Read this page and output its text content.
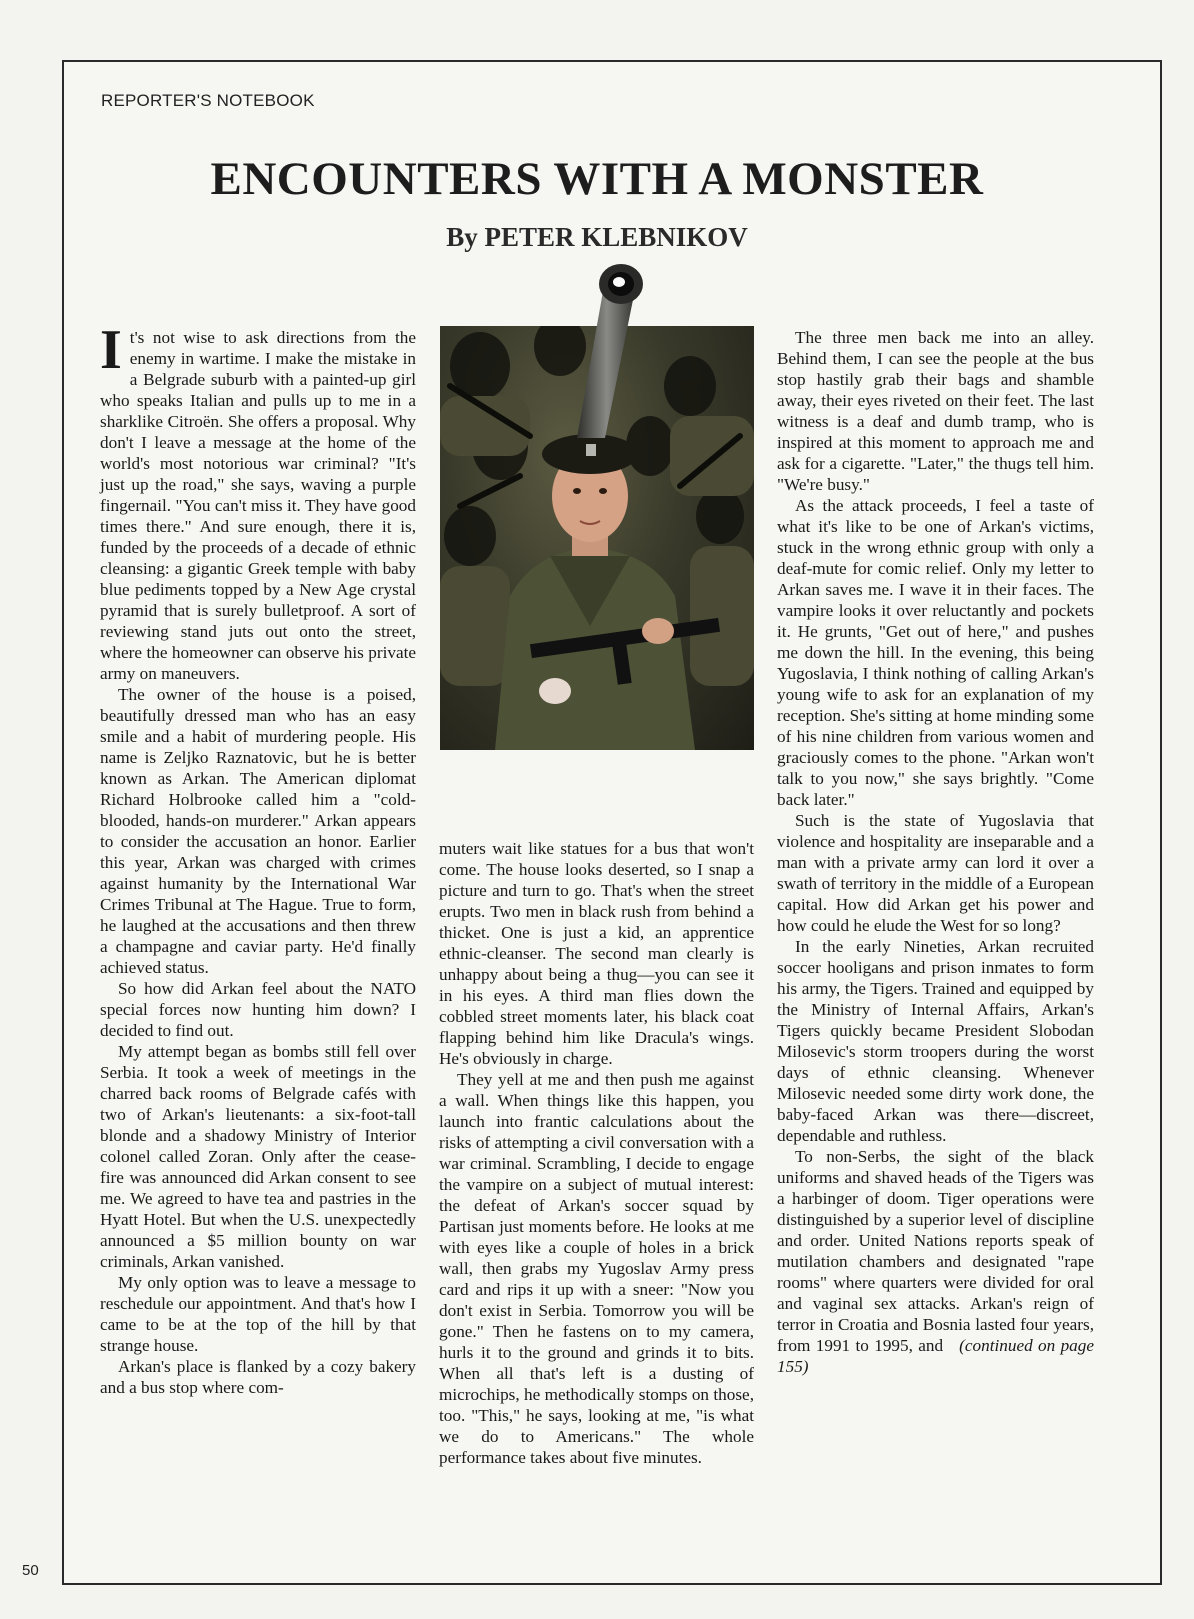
REPORTER'S NOTEBOOK
ENCOUNTERS WITH A MONSTER
By PETER KLEBNIKOV

It's not wise to ask directions from the enemy in wartime. I make the mistake in a Belgrade suburb with a painted-up girl who speaks Italian and pulls up to me in a sharklike Citroën. She offers a proposal. Why don't I leave a message at the home of the world's most notorious war criminal? "It's just up the road," she says, waving a purple fingernail. "You can't miss it. They have good times there." And sure enough, there it is, funded by the proceeds of a decade of ethnic cleansing: a gigantic Greek temple with baby blue pediments topped by a New Age crystal pyramid that is surely bulletproof. A sort of reviewing stand juts out onto the street, where the homeowner can observe his private army on maneuvers.

The owner of the house is a poised, beautifully dressed man who has an easy smile and a habit of murdering people. His name is Zeljko Raznatovic, but he is better known as Arkan. The American diplomat Richard Holbrooke called him a "cold-blooded, hands-on murderer." Arkan appears to consider the accusation an honor. Earlier this year, Arkan was charged with crimes against humanity by the International War Crimes Tribunal at The Hague. True to form, he laughed at the accusations and then threw a champagne and caviar party. He'd finally achieved status.

So how did Arkan feel about the NATO special forces now hunting him down? I decided to find out.

My attempt began as bombs still fell over Serbia. It took a week of meetings in the charred back rooms of Belgrade cafés with two of Arkan's lieutenants: a six-foot-tall blonde and a shadowy Ministry of Interior colonel called Zoran. Only after the cease-fire was announced did Arkan consent to see me. We agreed to have tea and pastries in the Hyatt Hotel. But when the U.S. unexpectedly announced a $5 million bounty on war criminals, Arkan vanished.

My only option was to leave a message to reschedule our appointment. And that's how I came to be at the top of the hill by that strange house.

Arkan's place is flanked by a cozy bakery and a bus stop where com-

muters wait like statues for a bus that won't come. The house looks deserted, so I snap a picture and turn to go. That's when the street erupts. Two men in black rush from behind a thicket. One is just a kid, an apprentice ethnic-cleanser. The second man clearly is unhappy about being a thug—you can see it in his eyes. A third man flies down the cobbled street moments later, his black coat flapping behind him like Dracula's wings. He's obviously in charge.

They yell at me and then push me against a wall. When things like this happen, you launch into frantic calculations about the risks of attempting a civil conversation with a war criminal. Scrambling, I decide to engage the vampire on a subject of mutual interest: the defeat of Arkan's soccer squad by Partisan just moments before. He looks at me with eyes like a couple of holes in a brick wall, then grabs my Yugoslav Army press card and rips it up with a sneer: "Now you don't exist in Serbia. Tomorrow you will be gone." Then he fastens on to my camera, hurls it to the ground and grinds it to bits. When all that's left is a dusting of microchips, he methodically stomps on those, too. "This," he says, looking at me, "is what we do to Americans." The whole performance takes about five minutes.

The three men back me into an alley. Behind them, I can see the people at the bus stop hastily grab their bags and shamble away, their eyes riveted on their feet. The last witness is a deaf and dumb tramp, who is inspired at this moment to approach me and ask for a cigarette. "Later," the thugs tell him. "We're busy."

As the attack proceeds, I feel a taste of what it's like to be one of Arkan's victims, stuck in the wrong ethnic group with only a deaf-mute for comic relief. Only my letter to Arkan saves me. I wave it in their faces. The vampire looks it over reluctantly and pockets it. He grunts, "Get out of here," and pushes me down the hill. In the evening, this being Yugoslavia, I think nothing of calling Arkan's young wife to ask for an explanation of my reception. She's sitting at home minding some of his nine children from various women and graciously comes to the phone. "Arkan won't talk to you now," she says brightly. "Come back later."

Such is the state of Yugoslavia that violence and hospitality are inseparable and a man with a private army can lord it over a swath of territory in the middle of a European capital. How did Arkan get his power and how could he elude the West for so long?

In the early Nineties, Arkan recruited soccer hooligans and prison inmates to form his army, the Tigers. Trained and equipped by the Ministry of Internal Affairs, Arkan's Tigers quickly became President Slobodan Milosevic's storm troopers during the worst days of ethnic cleansing. Whenever Milosevic needed some dirty work done, the baby-faced Arkan was there—discreet, dependable and ruthless.

To non-Serbs, the sight of the black uniforms and shaved heads of the Tigers was a harbinger of doom. Tiger operations were distinguished by a superior level of discipline and order. United Nations reports speak of mutilation chambers and designated "rape rooms" where quarters were divided for oral and vaginal sex attacks. Arkan's reign of terror in Croatia and Bosnia lasted four years, from 1991 to 1995, and (continued on page 155)

50
